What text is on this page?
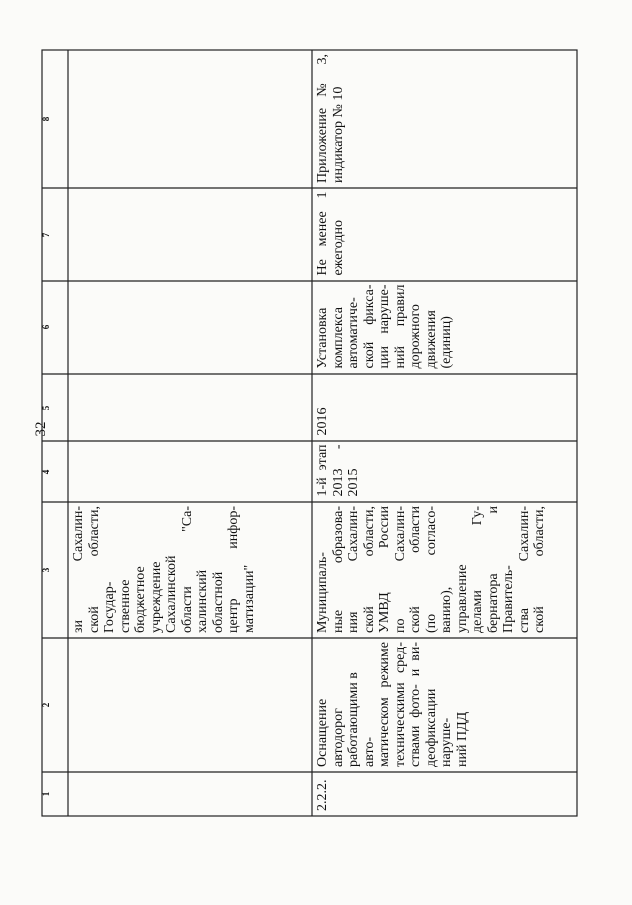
32
1
2
3
4
5
6
7
8
зи Сахалин- ской области, Государ- ственное бюджетное учреждение Сахалинской области "Са- халинский областной центр инфор- матизации"
2.2.2.
Оснащение автодорог работающими в авто- матическом режиме техническими сред- ствами фото- и ви- деофиксации наруше- ний ПДД
Муниципаль- ные образова- ния Сахалин- ской области, УМВД России по Сахалин- ской области (по согласо- ванию), управление делами Гу- бернатора и Правитель- ства Сахалин- ской области,
1-й этап 2013 - 2015
2016
Установка комплекса автоматиче- ской фикса- ции наруше- ний правил дорожного движения (единиц)
Не менее 1 ежегодно
Приложение № 3, индикатор № 10
